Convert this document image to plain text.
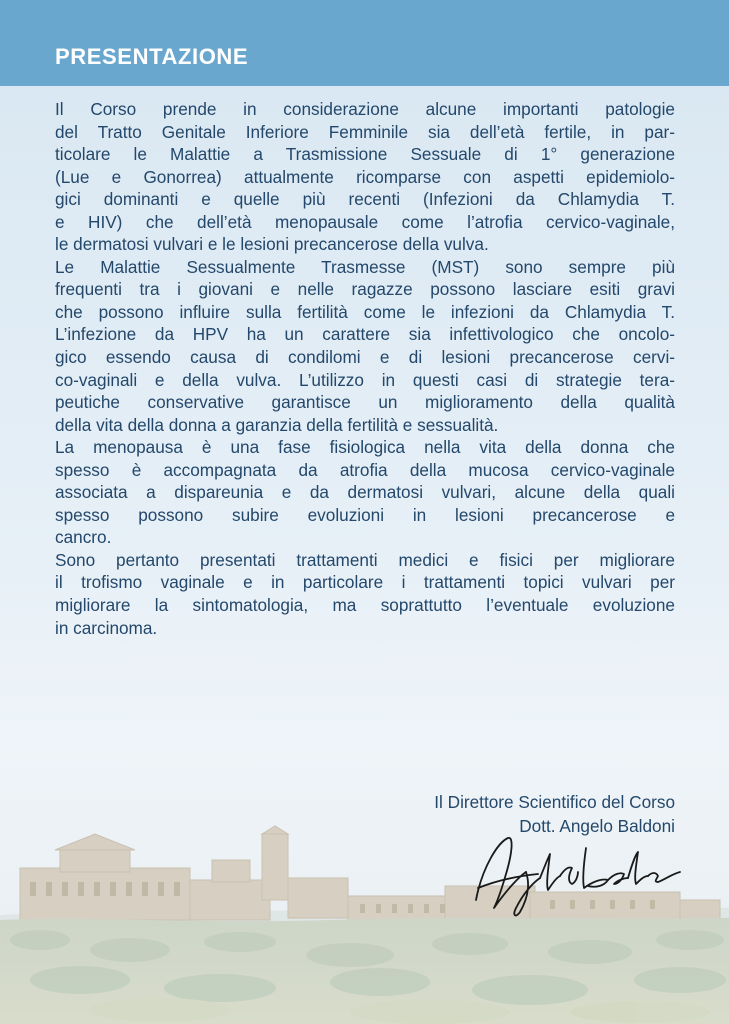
PRESENTAZIONE

Il Corso prende in considerazione alcune importanti patologie
del Tratto Genitale Inferiore Femminile sia dell’età fertile, in par-
ticolare le Malattie a Trasmissione Sessuale di 1° generazione
(Lue e Gonorrea) attualmente ricomparse con aspetti epidemiolo-
gici dominanti e quelle più recenti (Infezioni da Chlamydia T.
e HIV) che dell’età menopausale come l’atrofia cervico-vaginale,
le dermatosi vulvari e le lesioni precancerose della vulva.

Le Malattie Sessualmente Trasmesse (MST) sono sempre più
frequenti tra i giovani e nelle ragazze possono lasciare esiti gravi
che possono influire sulla fertilità come le infezioni da Chlamydia T.
L’infezione da HPV ha un carattere sia infettivologico che oncolo-
gico essendo causa di condilomi e di lesioni precancerose cervi-
co-vaginali e della vulva. L’utilizzo in questi casi di strategie tera-
peutiche conservative garantisce un miglioramento della qualità
della vita della donna a garanzia della fertilità e sessualità.

La menopausa è una fase fisiologica nella vita della donna che
spesso è accompagnata da atrofia della mucosa cervico-vaginale
associata a dispareunia e da dermatosi vulvari, alcune della quali
spesso possono subire evoluzioni in lesioni precancerose e
cancro.

Sono pertanto presentati trattamenti medici e fisici per migliorare
il trofismo vaginale e in particolare i trattamenti topici vulvari per
migliorare la sintomatologia, ma soprattutto l’eventuale evoluzione
in carcinoma.

Il Direttore Scientifico del Corso
Dott. Angelo Baldoni
